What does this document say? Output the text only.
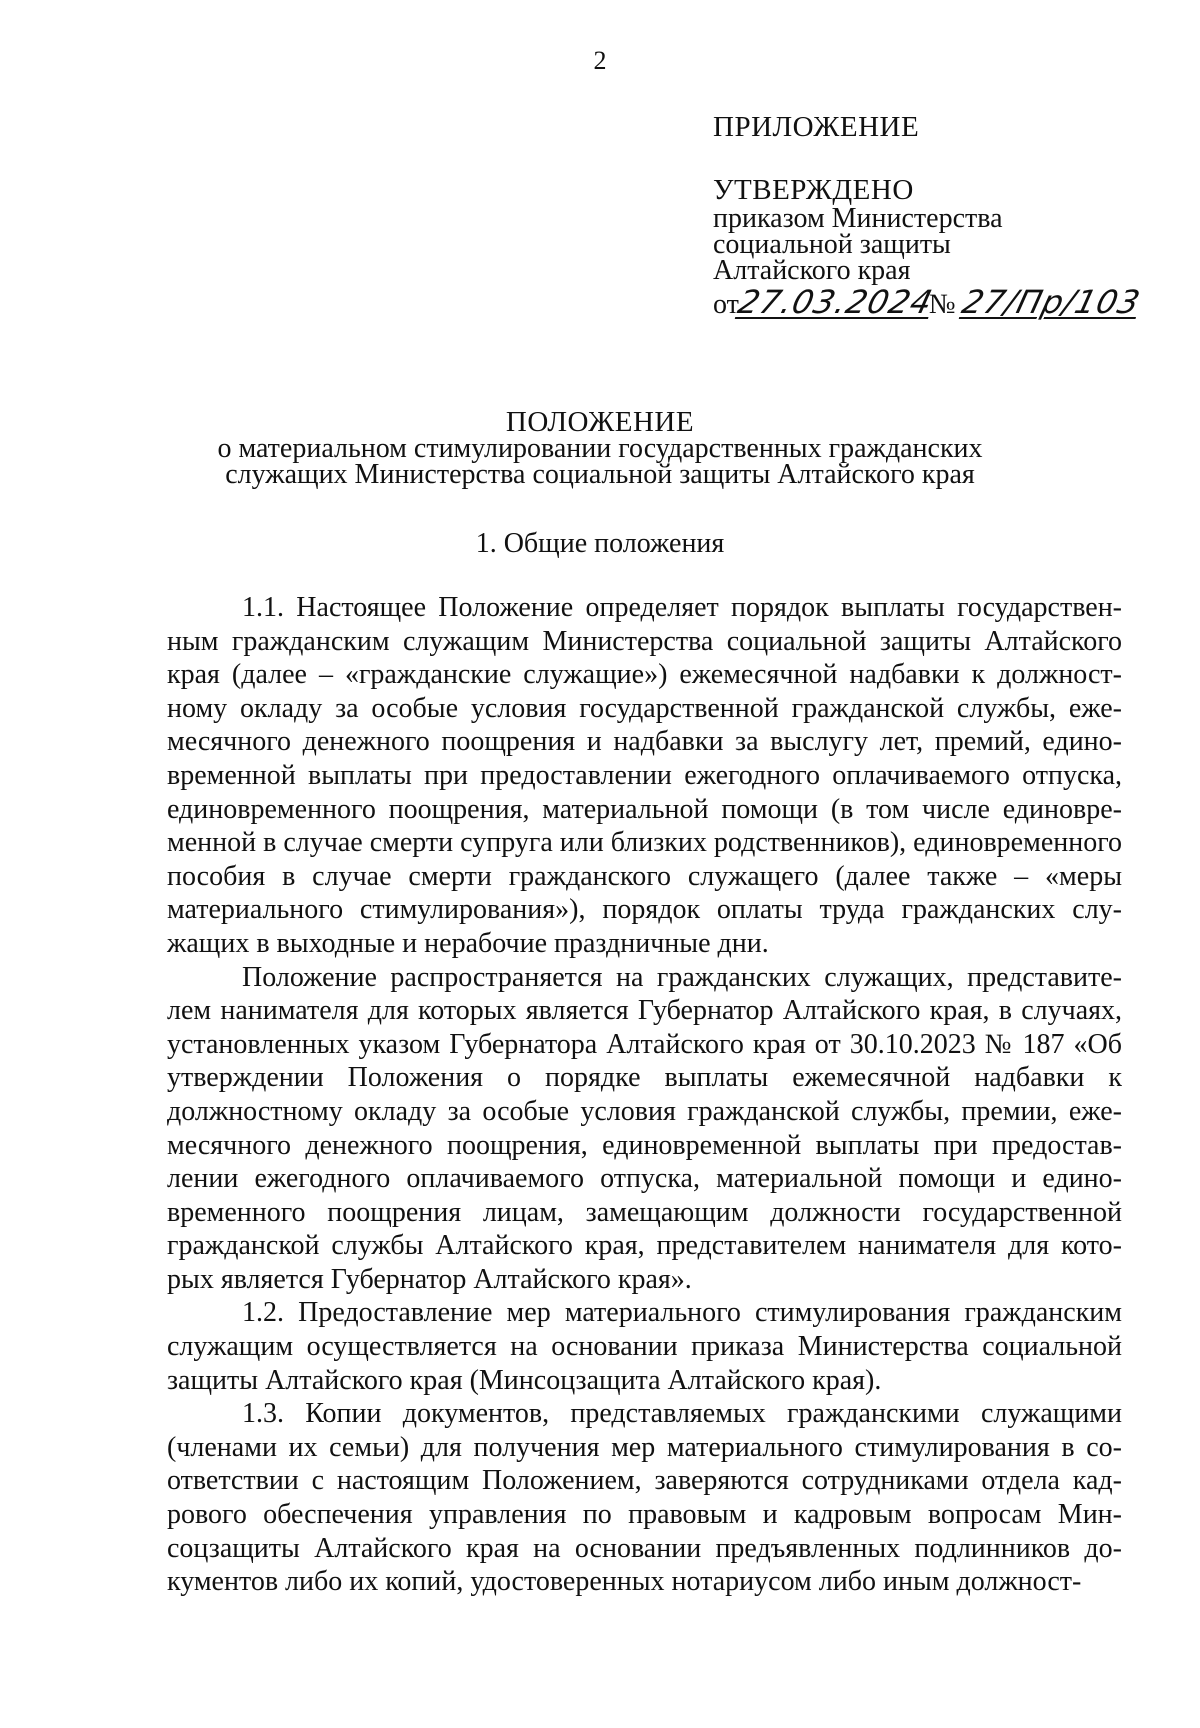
2
ПРИЛОЖЕНИЕ
УТВЕРЖДЕНО
приказом Министерства
социальной защиты
Алтайского края
от27.03.2024№ 27/Пр/103
ПОЛОЖЕНИЕ
о материальном стимулировании государственных гражданских
служащих Министерства социальной защиты Алтайского края
1. Общие положения

1.1. Настоящее Положение определяет порядок выплаты государственным гражданским служащим Министерства социальной защиты Алтайского края (далее – «гражданские служащие») ежемесячной надбавки к должностному окладу за особые условия государственной гражданской службы, ежемесячного денежного поощрения и надбавки за выслугу лет, премий, единовременной выплаты при предоставлении ежегодного оплачиваемого отпуска, единовременного поощрения, материальной помощи (в том числе единовременной в случае смерти супруга или близких родственников), единовременного пособия в случае смерти гражданского служащего (далее также – «меры материального стимулирования»), порядок оплаты труда гражданских служащих в выходные и нерабочие праздничные дни.

Положение распространяется на гражданских служащих, представителем нанимателя для которых является Губернатор Алтайского края, в случаях, установленных указом Губернатора Алтайского края от 30.10.2023 № 187 «Об утверждении Положения о порядке выплаты ежемесячной надбавки к должностному окладу за особые условия гражданской службы, премии, ежемесячного денежного поощрения, единовременной выплаты при предоставлении ежегодного оплачиваемого отпуска, материальной помощи и единовременного поощрения лицам, замещающим должности государственной гражданской службы Алтайского края, представителем нанимателя для которых является Губернатор Алтайского края».

1.2. Предоставление мер материального стимулирования гражданским служащим осуществляется на основании приказа Министерства социальной защиты Алтайского края (Минсоцзащита Алтайского края).

1.3. Копии документов, представляемых гражданскими служащими (членами их семьи) для получения мер материального стимулирования в соответствии с настоящим Положением, заверяются сотрудниками отдела кадрового обеспечения управления по правовым и кадровым вопросам Минсоцзащиты Алтайского края на основании предъявленных подлинников документов либо их копий, удостоверенных нотариусом либо иным должност-
